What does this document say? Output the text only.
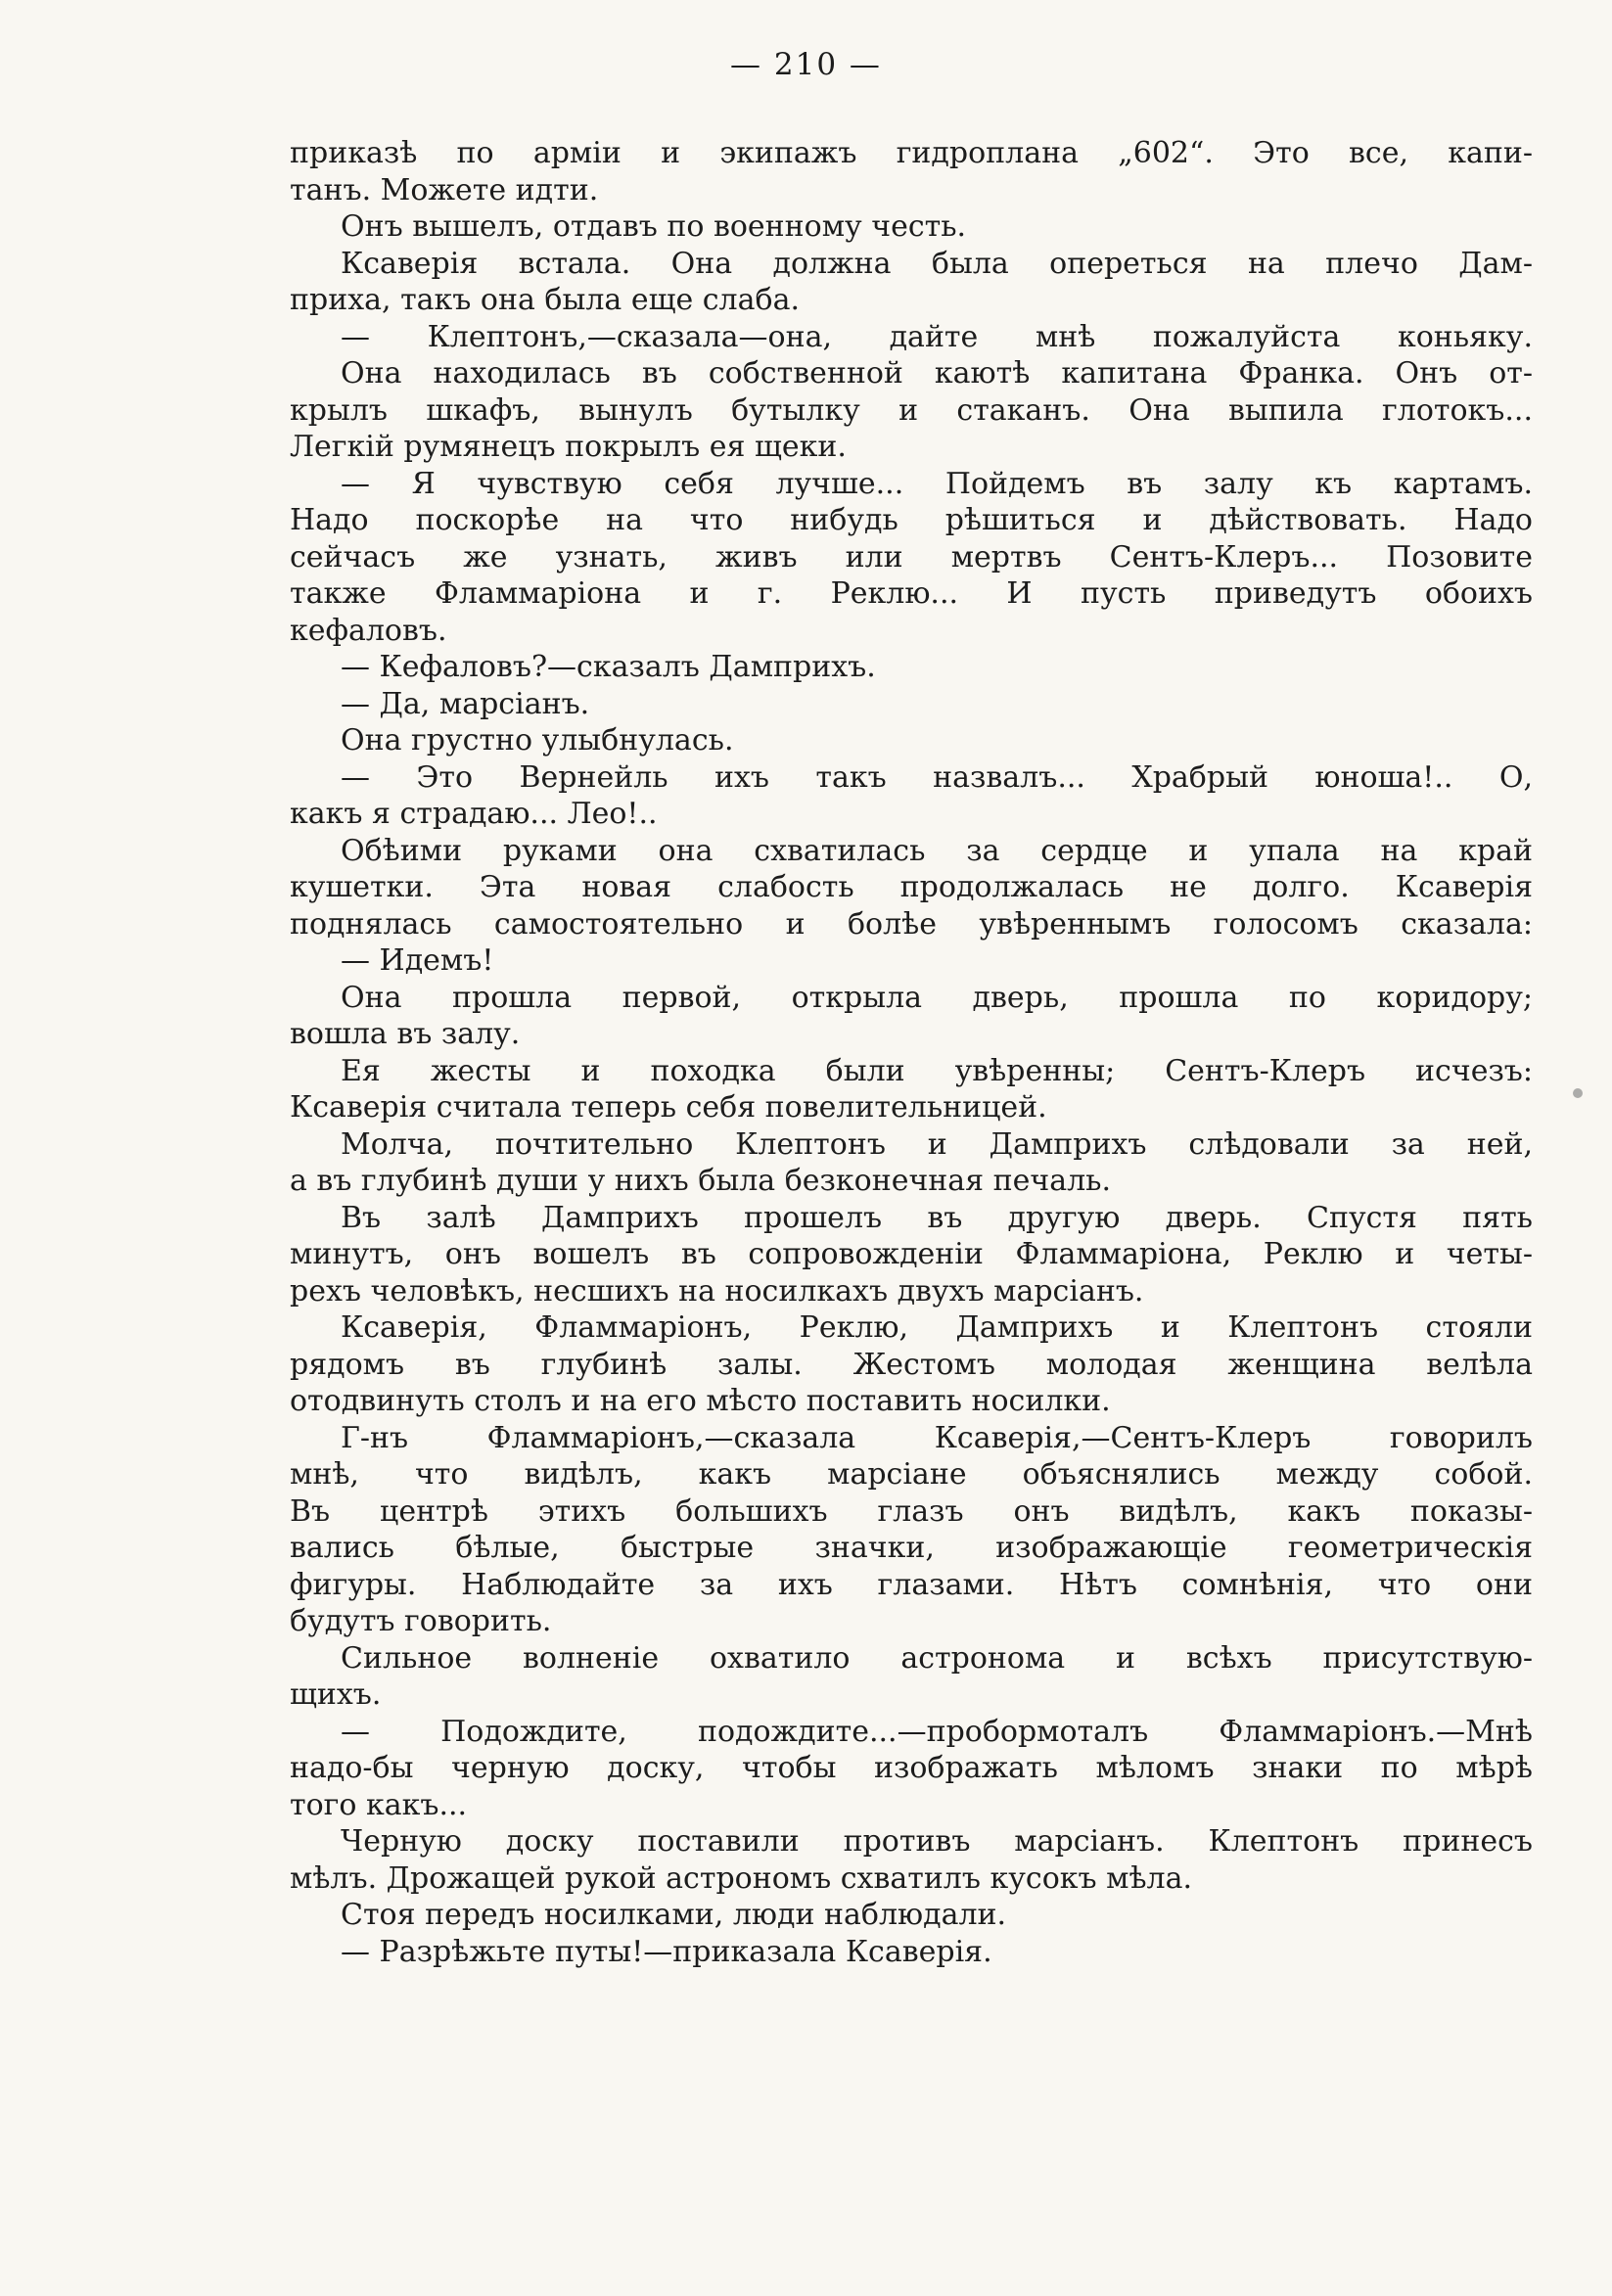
— 210 —

приказѣ по арміи и экипажъ гидроплана „602“. Это все, капи-
танъ. Можете идти.
Онъ вышелъ, отдавъ по военному честь.
Ксаверія встала. Она должна была опереться на плечо Дам-
приха, такъ она была еще слаба.
— Клептонъ,—сказала—она, дайте мнѣ пожалуйста коньяку.
Она находилась въ собственной каютѣ капитана Франка. Онъ от-
крылъ шкафъ, вынулъ бутылку и стаканъ. Она выпила глотокъ...
Легкій румянецъ покрылъ ея щеки.
— Я чувствую себя лучше... Пойдемъ въ залу къ картамъ.
Надо поскорѣе на что нибудь рѣшиться и дѣйствовать. Надо
сейчасъ же узнать, живъ или мертвъ Сентъ-Клеръ... Позовите
также Фламмаріона и г. Реклю... И пусть приведутъ обоихъ
кефаловъ.
— Кефаловъ?—сказалъ Дамприхъ.
— Да, марсіанъ.
Она грустно улыбнулась.
— Это Вернейль ихъ такъ назвалъ... Храбрый юноша!.. О,
какъ я страдаю... Лео!..
Обѣими руками она схватилась за сердце и упала на край
кушетки. Эта новая слабость продолжалась не долго. Ксаверія
поднялась самостоятельно и болѣе увѣреннымъ голосомъ сказала:
— Идемъ!
Она прошла первой, открыла дверь, прошла по коридору;
вошла въ залу.
Ея жесты и походка были увѣренны; Сентъ-Клеръ исчезъ:
Ксаверія считала теперь себя повелительницей.
Молча, почтительно Клептонъ и Дамприхъ слѣдовали за ней,
а въ глубинѣ души у нихъ была безконечная печаль.
Въ залѣ Дамприхъ прошелъ въ другую дверь. Спустя пять
минутъ, онъ вошелъ въ сопровожденіи Фламмаріона, Реклю и четы-
рехъ человѣкъ, несшихъ на носилкахъ двухъ марсіанъ.
Ксаверія, Фламмаріонъ, Реклю, Дамприхъ и Клептонъ стояли
рядомъ въ глубинѣ залы. Жестомъ молодая женщина велѣла
отодвинуть столъ и на его мѣсто поставить носилки.
Г-нъ Фламмаріонъ,—сказала Ксаверія,—Сентъ-Клеръ говорилъ
мнѣ, что видѣлъ, какъ марсіане объяснялись между собой.
Въ центрѣ этихъ большихъ глазъ онъ видѣлъ, какъ показы-
вались бѣлые, быстрые значки, изображающіе геометрическія
фигуры. Наблюдайте за ихъ глазами. Нѣтъ сомнѣнія, что они
будутъ говорить.
Сильное волненіе охватило астронома и всѣхъ присутствую-
щихъ.
— Подождите, подождите...—пробормоталъ Фламмаріонъ.—Мнѣ
надо-бы черную доску, чтобы изображать мѣломъ знаки по мѣрѣ
того какъ...
Черную доску поставили противъ марсіанъ. Клептонъ принесъ
мѣлъ. Дрожащей рукой астрономъ схватилъ кусокъ мѣла.
Стоя передъ носилками, люди наблюдали.
— Разрѣжьте путы!—приказала Ксаверія.
